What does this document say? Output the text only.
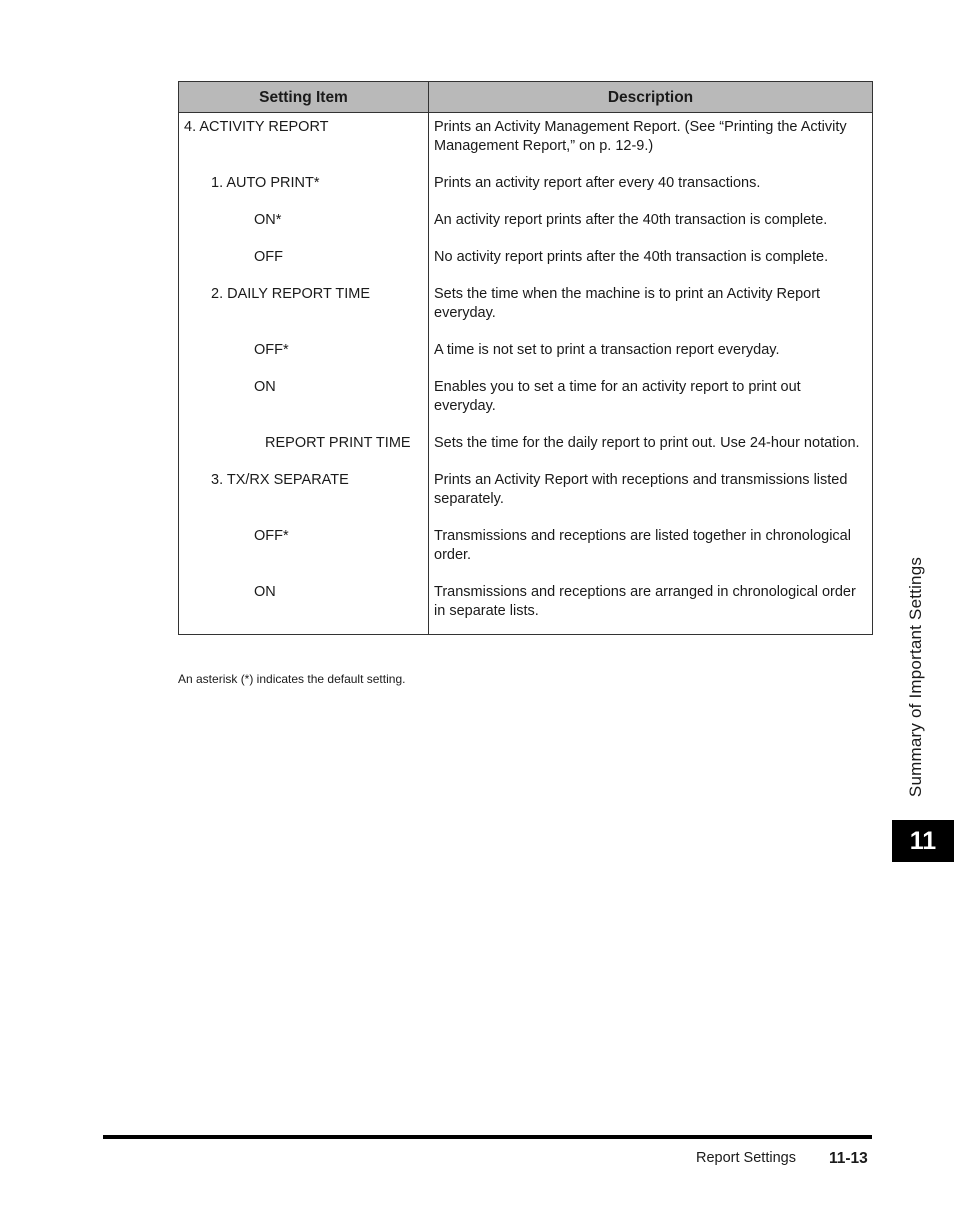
Setting Item	Description

4. ACTIVITY REPORT	Prints an Activity Management Report. (See “Printing the Activity Management Report,” on p. 12-9.)

1. AUTO PRINT*	Prints an activity report after every 40 transactions.

ON*	An activity report prints after the 40th transaction is complete.

OFF	No activity report prints after the 40th transaction is complete.

2. DAILY REPORT TIME	Sets the time when the machine is to print an Activity Report everyday.

OFF*	A time is not set to print a transaction report everyday.

ON	Enables you to set a time for an activity report to print out everyday.

REPORT PRINT TIME	Sets the time for the daily report to print out. Use 24-hour notation.

3. TX/RX SEPARATE	Prints an Activity Report with receptions and transmissions listed separately.

OFF*	Transmissions and receptions are listed together in chronological order.

ON	Transmissions and receptions are arranged in chronological order in separate lists.
An asterisk (*) indicates the default setting.	Summary of Important Settings
11
Report Settings 11-13
